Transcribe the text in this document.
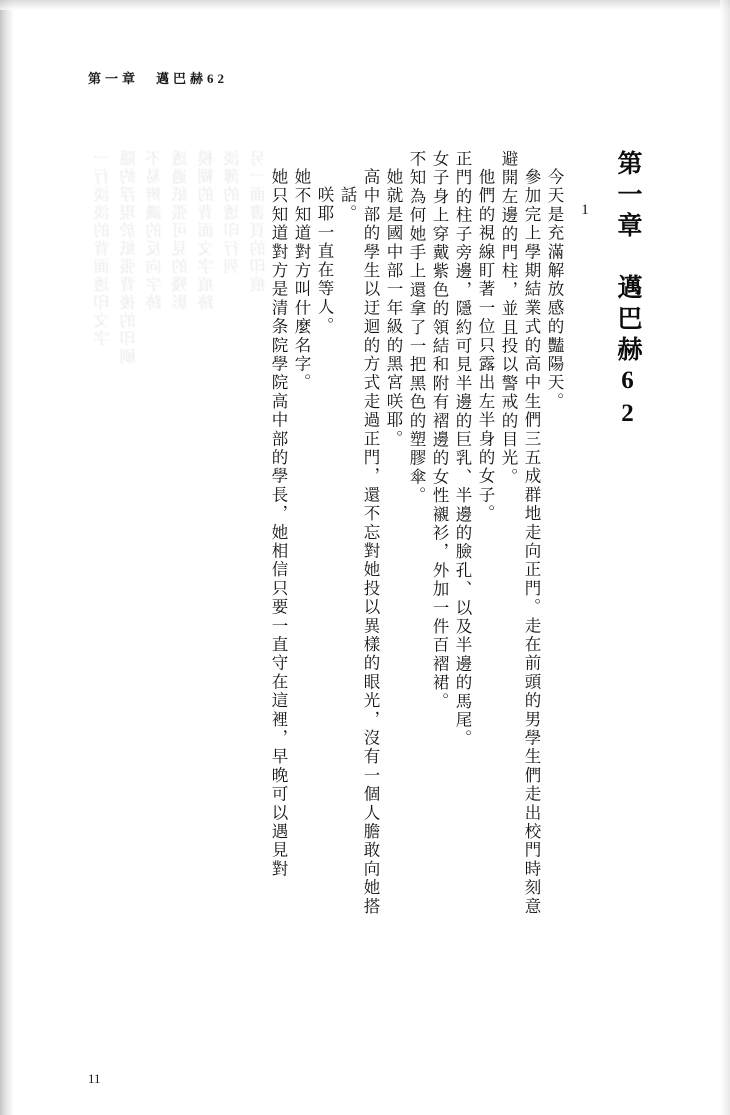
第一章　邁巴赫62
一行淡淡的背面透印文字 隱約浮現於紙張背後的印刷 不易辨識的反向字跡 透過紙張可見的殘影 模糊的背面文字痕跡 淡薄的透印行列 另一面書頁的印痕	第一章　邁巴赫62
1
今天是充滿解放感的豔陽天。
參加完上學期結業式的高中生們三五成群地走向正門。走在前頭的男學生們走出校門時刻意
避開左邊的門柱，並且投以警戒的目光。
他們的視線盯著一位只露出左半身的女子。
正門的柱子旁邊，隱約可見半邊的巨乳、半邊的臉孔、以及半邊的馬尾。
女子身上穿戴紫色的領結和附有褶邊的女性襯衫，外加一件百褶裙。
不知為何她手上還拿了一把黑色的塑膠傘。
她就是國中部一年級的黑宮咲耶。
高中部的學生以迂迴的方式走過正門，還不忘對她投以異樣的眼光，沒有一個人膽敢向她搭
話。
咲耶一直在等人。
她不知道對方叫什麼名字。
她只知道對方是清条院學院高中部的學長，她相信只要一直守在這裡，早晚可以遇見對
11
